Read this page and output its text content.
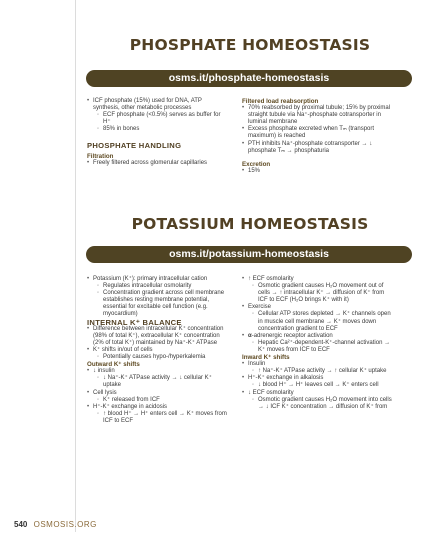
PHOSPHATE HOMEOSTASIS
osms.it/phosphate-homeostasis

• ICF phosphate (15%) used for DNA, ATP synthesis, other metabolic processes

◦ ECF phosphate (<0.5%) serves as buffer for H⁺

◦ 85% in bones

PHOSPHATE HANDLING

Filtration

• Freely filtered across glomerular capillaries

Filtered load reabsorption

• 70% reabsorbed by proximal tubule; 15% by proximal straight tubule via Na⁺-phosphate cotransporter in luminal membrane

• Excess phosphate excreted when Tₘ (transport maximum) is reached

• PTH inhibits Na⁺-phosphate cotransporter → ↓ phosphate Tₘ → phosphaturia

Excretion

• 15%

POTASSIUM HOMEOSTASIS
osms.it/potassium-homeostasis

• Potassium (K⁺): primary intracellular cation

◦ Regulates intracellular osmolarity

◦ Concentration gradient across cell membrane establishes resting membrane potential, essential for excitable cell function (e.g. myocardium)

INTERNAL K⁺ BALANCE

• Difference between intracellular K⁺ concentration (98% of total K⁺), extracellular K⁺ concentration (2% of total K⁺) maintained by Na⁺-K⁺ ATPase

• K⁺ shifts in/out of cells

◦ Potentially causes hypo-/hyperkalemia

Outward K⁺ shifts

• ↓ insulin

◦ ↓ Na⁺-K⁺ ATPase activity → ↓ cellular K⁺ uptake

• Cell lysis

◦ K⁺ released from ICF

• H⁺-K⁺ exchange in acidosis

◦ ↑ blood H⁺ → H⁺ enters cell → K⁺ moves from ICF to ECF

• ↑ ECF osmolarity

◦ Osmotic gradient causes H₂O movement out of cells → ↑ intracellular K⁺ → diffusion of K⁺ from ICF to ECF (H₂O brings K⁺ with it)

• Exercise

◦ Cellular ATP stores depleted → K⁺ channels open in muscle cell membrane → K⁺ moves down concentration gradient to ECF

• α-adrenergic receptor activation

◦ Hepatic Ca²⁺-dependent-K⁺-channel activation → K⁺ moves from ICF to ECF

Inward K⁺ shifts

• Insulin

◦ ↑ Na⁺-K⁺ ATPase activity → ↑ cellular K⁺ uptake

• H⁺-K⁺ exchange in alkalosis

◦ ↓ blood H⁺ → H⁺ leaves cell → K⁺ enters cell

• ↓ ECF osmolarity

◦ Osmotic gradient causes H₂O movement into cells → ↓ ICF K⁺ concentration → diffusion of K⁺ from

540 OSMOSIS.ORG
